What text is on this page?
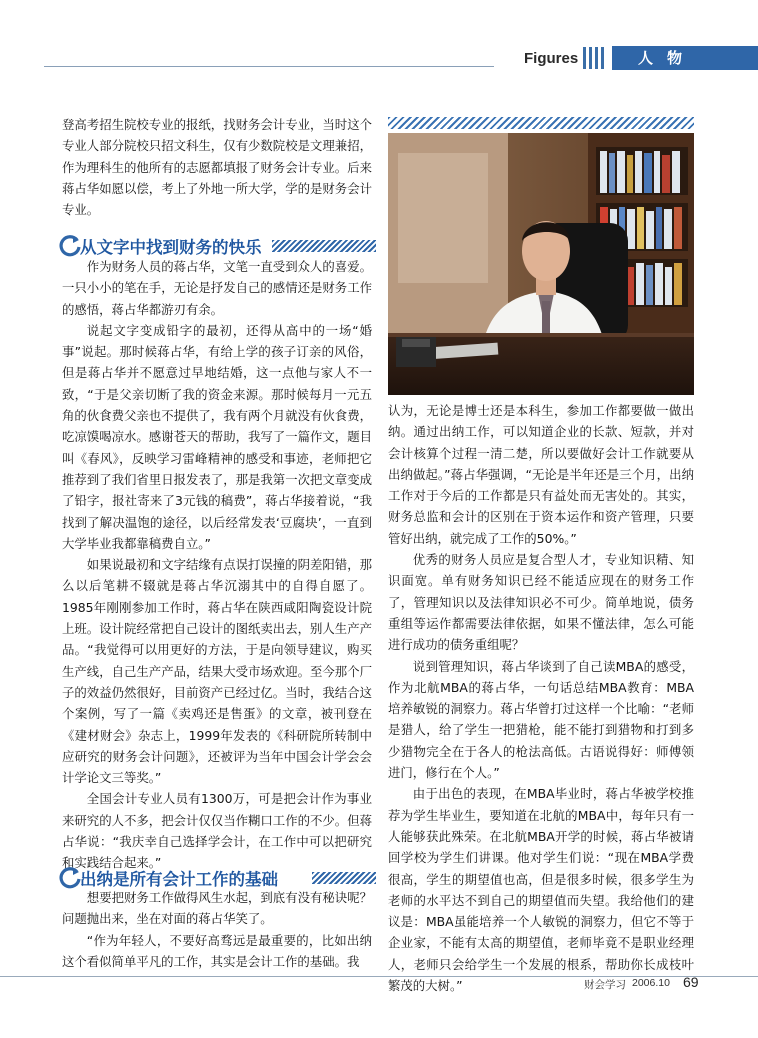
Figures	人物

登高考招生院校专业的报纸，找财务会计专业，当时这个专业人部分院校只招文科生，仅有少数院校是文理兼招，作为理科生的他所有的志愿都填报了财务会计专业。后来蒋占华如愿以偿，考上了外地一所大学，学的是财务会计专业。

从文字中找到财务的快乐

作为财务人员的蒋占华，文笔一直受到众人的喜爱。一只小小的笔在手，无论是抒发自己的感情还是财务工作的感悟，蒋占华都游刃有余。

说起文字变成铅字的最初，还得从高中的一场“婚事”说起。那时候蒋占华，有给上学的孩子订亲的风俗，但是蒋占华并不愿意过早地结婚，这一点他与家人不一致，“于是父亲切断了我的资金来源。那时候每月一元五角的伙食费父亲也不提供了，我有两个月就没有伙食费，吃凉馍喝凉水。感谢苍天的帮助，我写了一篇作文，题目叫《春风》，反映学习雷峰精神的感受和事迹，老师把它推荐到了我们省里日报发表了，那是我第一次把文章变成了铅字，报社寄来了3元钱的稿费”，蒋占华接着说，“我找到了解决温饱的途径，以后经常发表‘豆腐块’，一直到大学毕业我都靠稿费自立。”

如果说最初和文字结缘有点误打误撞的阴差阳错，那么以后笔耕不辍就是蒋占华沉溺其中的自得自愿了。1985年刚刚参加工作时，蒋占华在陕西咸阳陶瓷设计院上班。设计院经常把自己设计的图纸卖出去，别人生产产品。“我觉得可以用更好的方法，于是向领导建议，购买生产线，自己生产产品，结果大受市场欢迎。至今那个厂子的效益仍然很好，目前资产已经过亿。当时，我结合这个案例，写了一篇《卖鸡还是售蛋》的文章，被刊登在《建材财会》杂志上，1999年发表的《科研院所转制中应研究的财务会计问题》，还被评为当年中国会计学会会计学论文三等奖。”

全国会计专业人员有1300万，可是把会计作为事业来研究的人不多，把会计仅仅当作糊口工作的不少。但蒋占华说：“我庆幸自己选择学会计，在工作中可以把研究和实践结合起来。”

出纳是所有会计工作的基础

想要把财务工作做得风生水起，到底有没有秘诀呢？问题抛出来，坐在对面的蒋占华笑了。

“作为年轻人，不要好高骛远是最重要的，比如出纳这个看似简单平凡的工作，其实是会计工作的基础。我

认为，无论是博士还是本科生，参加工作都要做一做出纳。通过出纳工作，可以知道企业的长款、短款，并对会计核算个过程一清二楚，所以要做好会计工作就要从出纳做起。”蒋占华强调，“无论是半年还是三个月，出纳工作对于今后的工作都是只有益处而无害处的。其实，财务总监和会计的区别在于资本运作和资产管理，只要管好出纳，就完成了工作的50%。”

优秀的财务人员应是复合型人才，专业知识精、知识面宽。单有财务知识已经不能适应现在的财务工作了，管理知识以及法律知识必不可少。简单地说，债务重组等运作都需要法律依据，如果不懂法律，怎么可能进行成功的债务重组呢？

说到管理知识，蒋占华谈到了自己读MBA的感受，作为北航MBA的蒋占华，一句话总结MBA教育：MBA培养敏锐的洞察力。蒋占华曾打过这样一个比喻：“老师是猎人，给了学生一把猎枪，能不能打到猎物和打到多少猎物完全在于各人的枪法高低。古语说得好：师傅领进门，修行在个人。”

由于出色的表现，在MBA毕业时，蒋占华被学校推荐为学生毕业生，要知道在北航的MBA中，每年只有一人能够获此殊荣。在北航MBA开学的时候，蒋占华被请回学校为学生们讲课。他对学生们说：“现在MBA学费很高，学生的期望值也高，但是很多时候，很多学生为老师的水平达不到自己的期望值而失望。我给他们的建议是：MBA虽能培养一个人敏锐的洞察力，但它不等于企业家，不能有太高的期望值，老师毕竟不是职业经理人，老师只会给学生一个发展的根系，帮助你长成枝叶繁茂的大树。”	财会学习 2006.10 69
